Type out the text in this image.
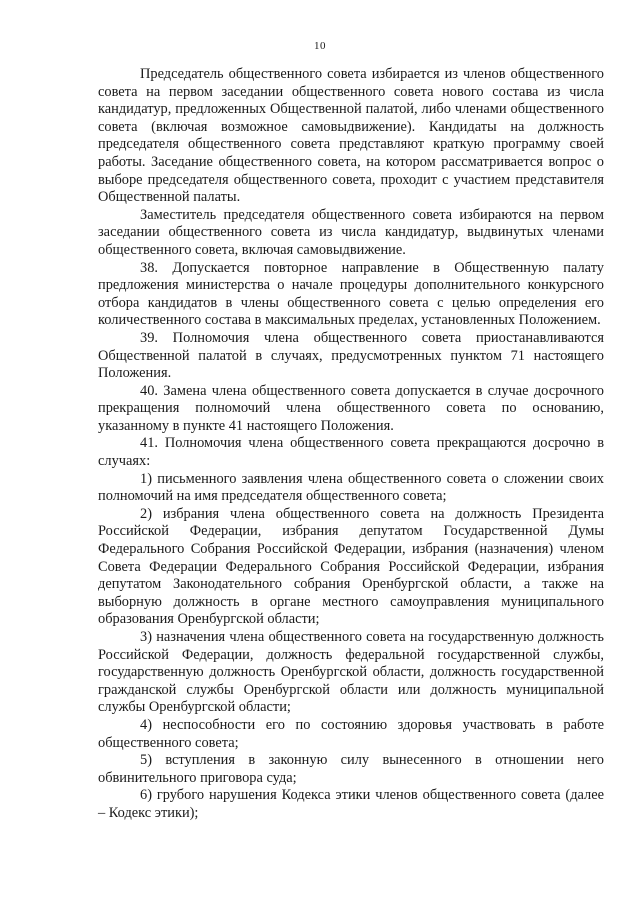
10

Председатель общественного совета избирается из членов общественного совета на первом заседании общественного совета нового состава из числа кандидатур, предложенных Общественной палатой, либо членами общественного совета (включая возможное самовыдвижение). Кандидаты на должность председателя общественного совета представляют краткую программу своей работы. Заседание общественного совета, на котором рассматривается вопрос о выборе председателя общественного совета, проходит с участием представителя Общественной палаты.

Заместитель председателя общественного совета избираются на первом заседании общественного совета из числа кандидатур, выдвинутых членами общественного совета, включая самовыдвижение.

38. Допускается повторное направление в Общественную палату предложения министерства о начале процедуры дополнительного конкурсного отбора кандидатов в члены общественного совета с целью определения его количественного состава в максимальных пределах, установленных Положением.

39. Полномочия члена общественного совета приостанавливаются Общественной палатой в случаях, предусмотренных пунктом 71 настоящего Положения.

40. Замена члена общественного совета допускается в случае досрочного прекращения полномочий члена общественного совета по основанию, указанному в пункте 41 настоящего Положения.

41. Полномочия члена общественного совета прекращаются досрочно в случаях:

1) письменного заявления члена общественного совета о сложении своих полномочий на имя председателя общественного совета;

2) избрания члена общественного совета на должность Президента Российской Федерации, избрания депутатом Государственной Думы Федерального Собрания Российской Федерации, избрания (назначения) членом Совета Федерации Федерального Собрания Российской Федерации, избрания депутатом Законодательного собрания Оренбургской области, а также на выборную должность в органе местного самоуправления муниципального образования Оренбургской области;

3) назначения члена общественного совета на государственную должность Российской Федерации, должность федеральной государственной службы, государственную должность Оренбургской области, должность государственной гражданской службы Оренбургской области или должность муниципальной службы Оренбургской области;

4) неспособности его по состоянию здоровья участвовать в работе общественного совета;

5) вступления в законную силу вынесенного в отношении него обвинительного приговора суда;

6) грубого нарушения Кодекса этики членов общественного совета (далее – Кодекс этики);
